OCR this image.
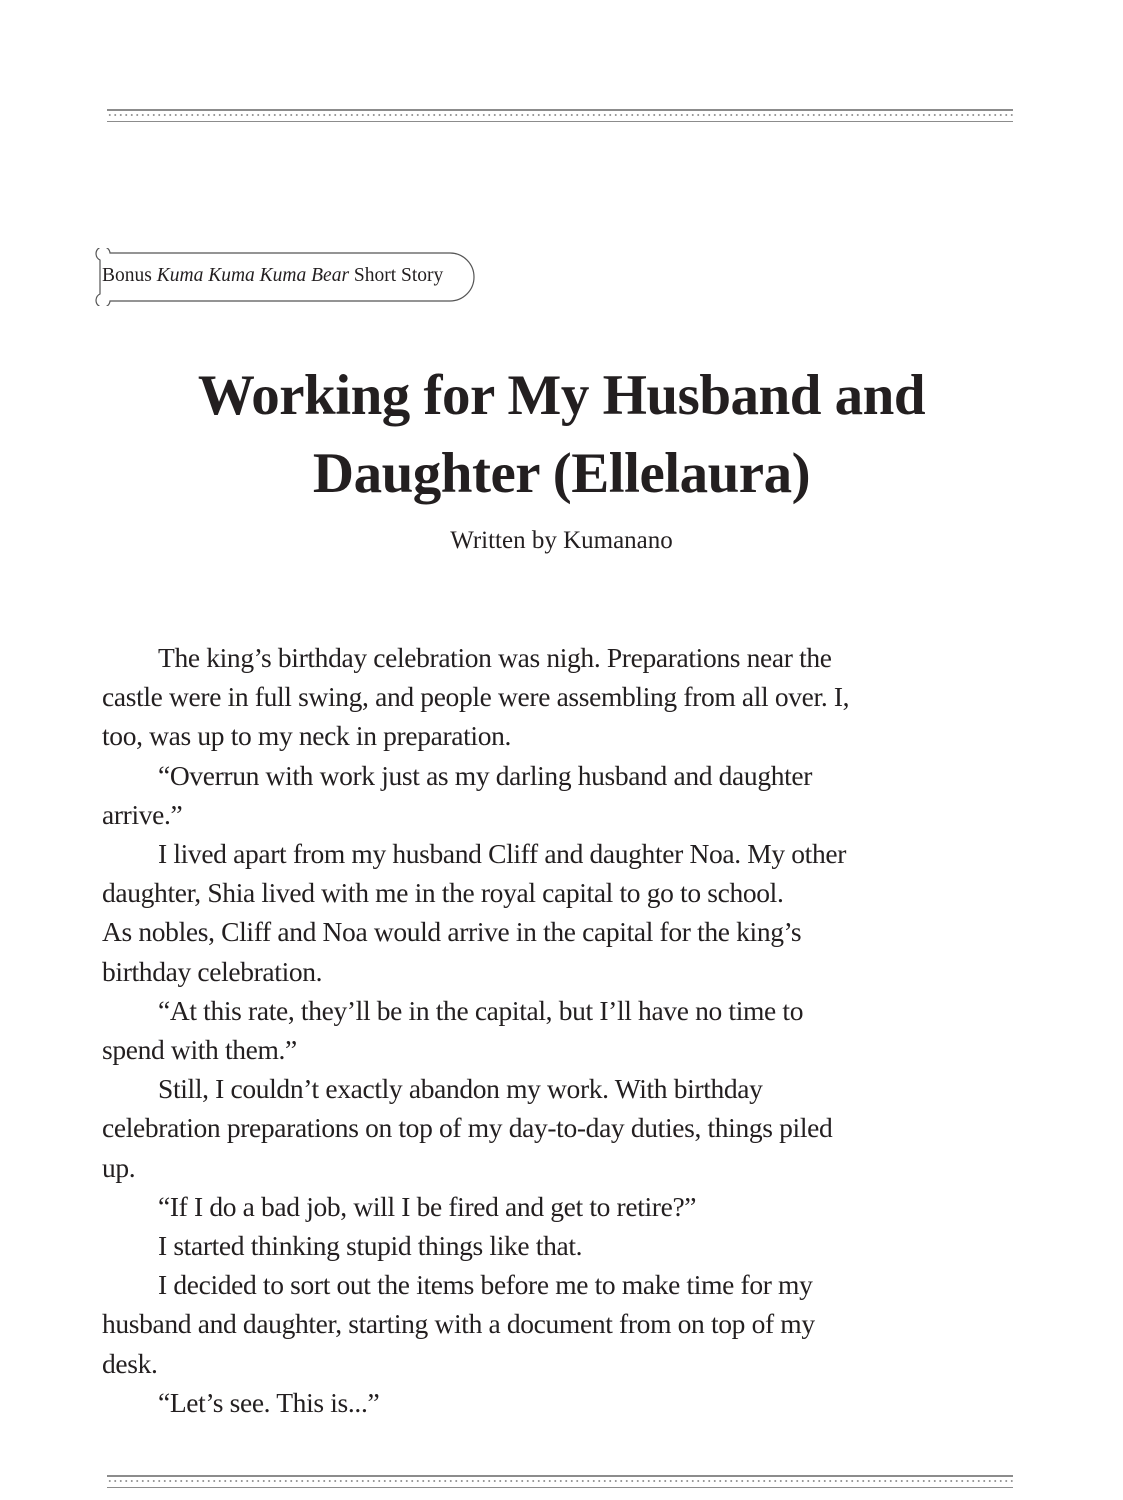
Bonus Kuma Kuma Kuma Bear Short Story
Working for My Husband and
Daughter (Ellelaura)
Written by Kumanano
The king’s birthday celebration was nigh. Preparations near the
castle were in full swing, and people were assembling from all over. I,
too, was up to my neck in preparation.
“Overrun with work just as my darling husband and daughter
arrive.”
I lived apart from my husband Cliff and daughter Noa. My other
daughter, Shia lived with me in the royal capital to go to school.
As nobles, Cliff and Noa would arrive in the capital for the king’s
birthday celebration.
“At this rate, they’ll be in the capital, but I’ll have no time to
spend with them.”
Still, I couldn’t exactly abandon my work. With birthday
celebration preparations on top of my day-to-day duties, things piled
up.
“If I do a bad job, will I be fired and get to retire?”
I started thinking stupid things like that.
I decided to sort out the items before me to make time for my
husband and daughter, starting with a document from on top of my
desk.
“Let’s see. This is...”
